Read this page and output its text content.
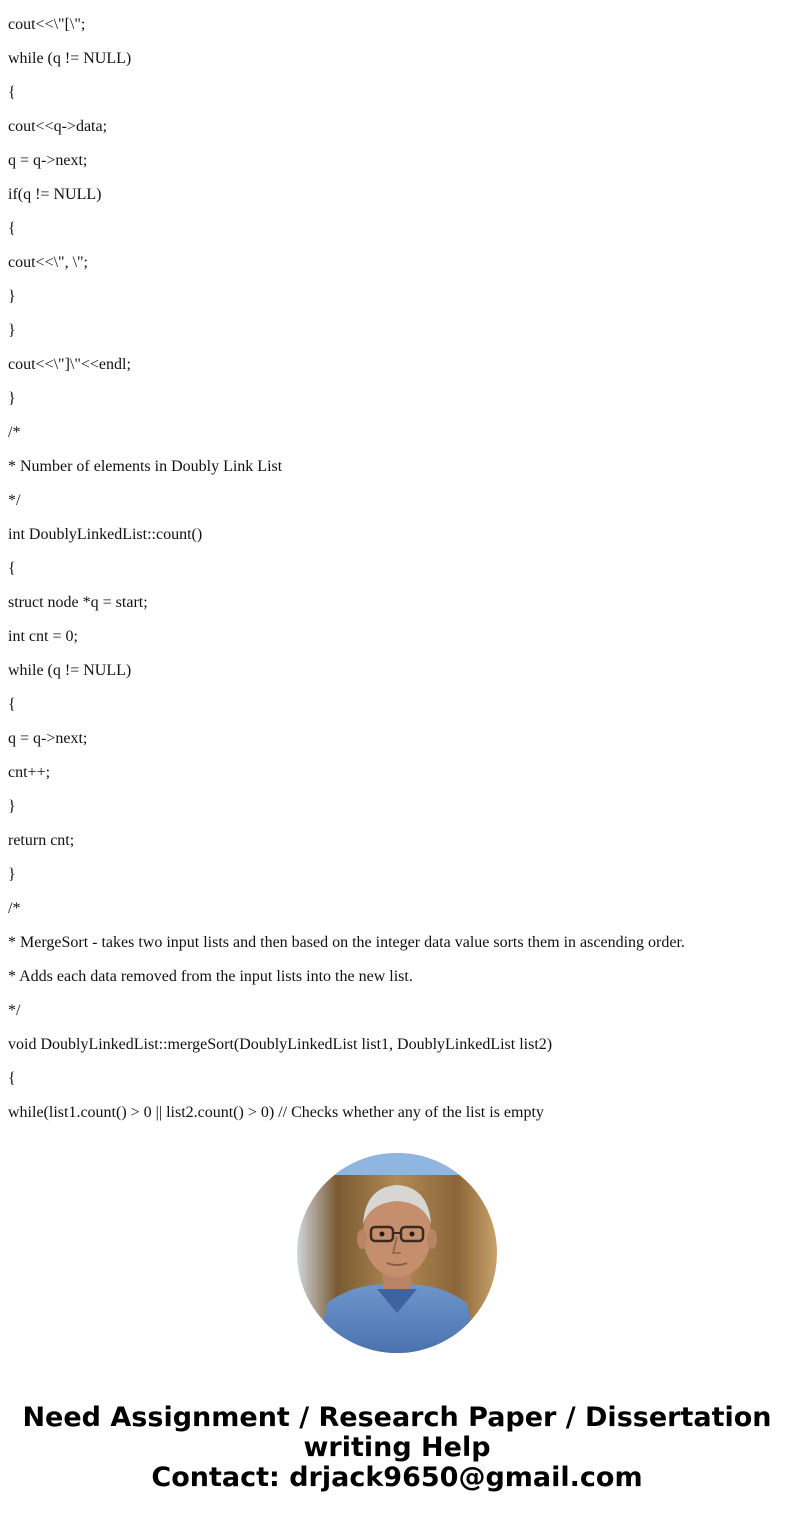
cout<<\"[\";
while (q != NULL)
{
cout<<q->data;
q = q->next;
if(q != NULL)
{
cout<<\", \";
}
}
cout<<\"]\"<<endl;
}
/*
* Number of elements in Doubly Link List
*/
int DoublyLinkedList::count()
{
struct node *q = start;
int cnt = 0;
while (q != NULL)
{
q = q->next;
cnt++;
}
return cnt;
}
/*
* MergeSort - takes two input lists and then based on the integer data value sorts them in ascending order.
* Adds each data removed from the input lists into the new list.
*/
void DoublyLinkedList::mergeSort(DoublyLinkedList list1, DoublyLinkedList list2)
{
while(list1.count() > 0 || list2.count() > 0) // Checks whether any of the list is empty
Need Assignment / Research Paper / Dissertation
writing Help
Contact: drjack9650@gmail.com
